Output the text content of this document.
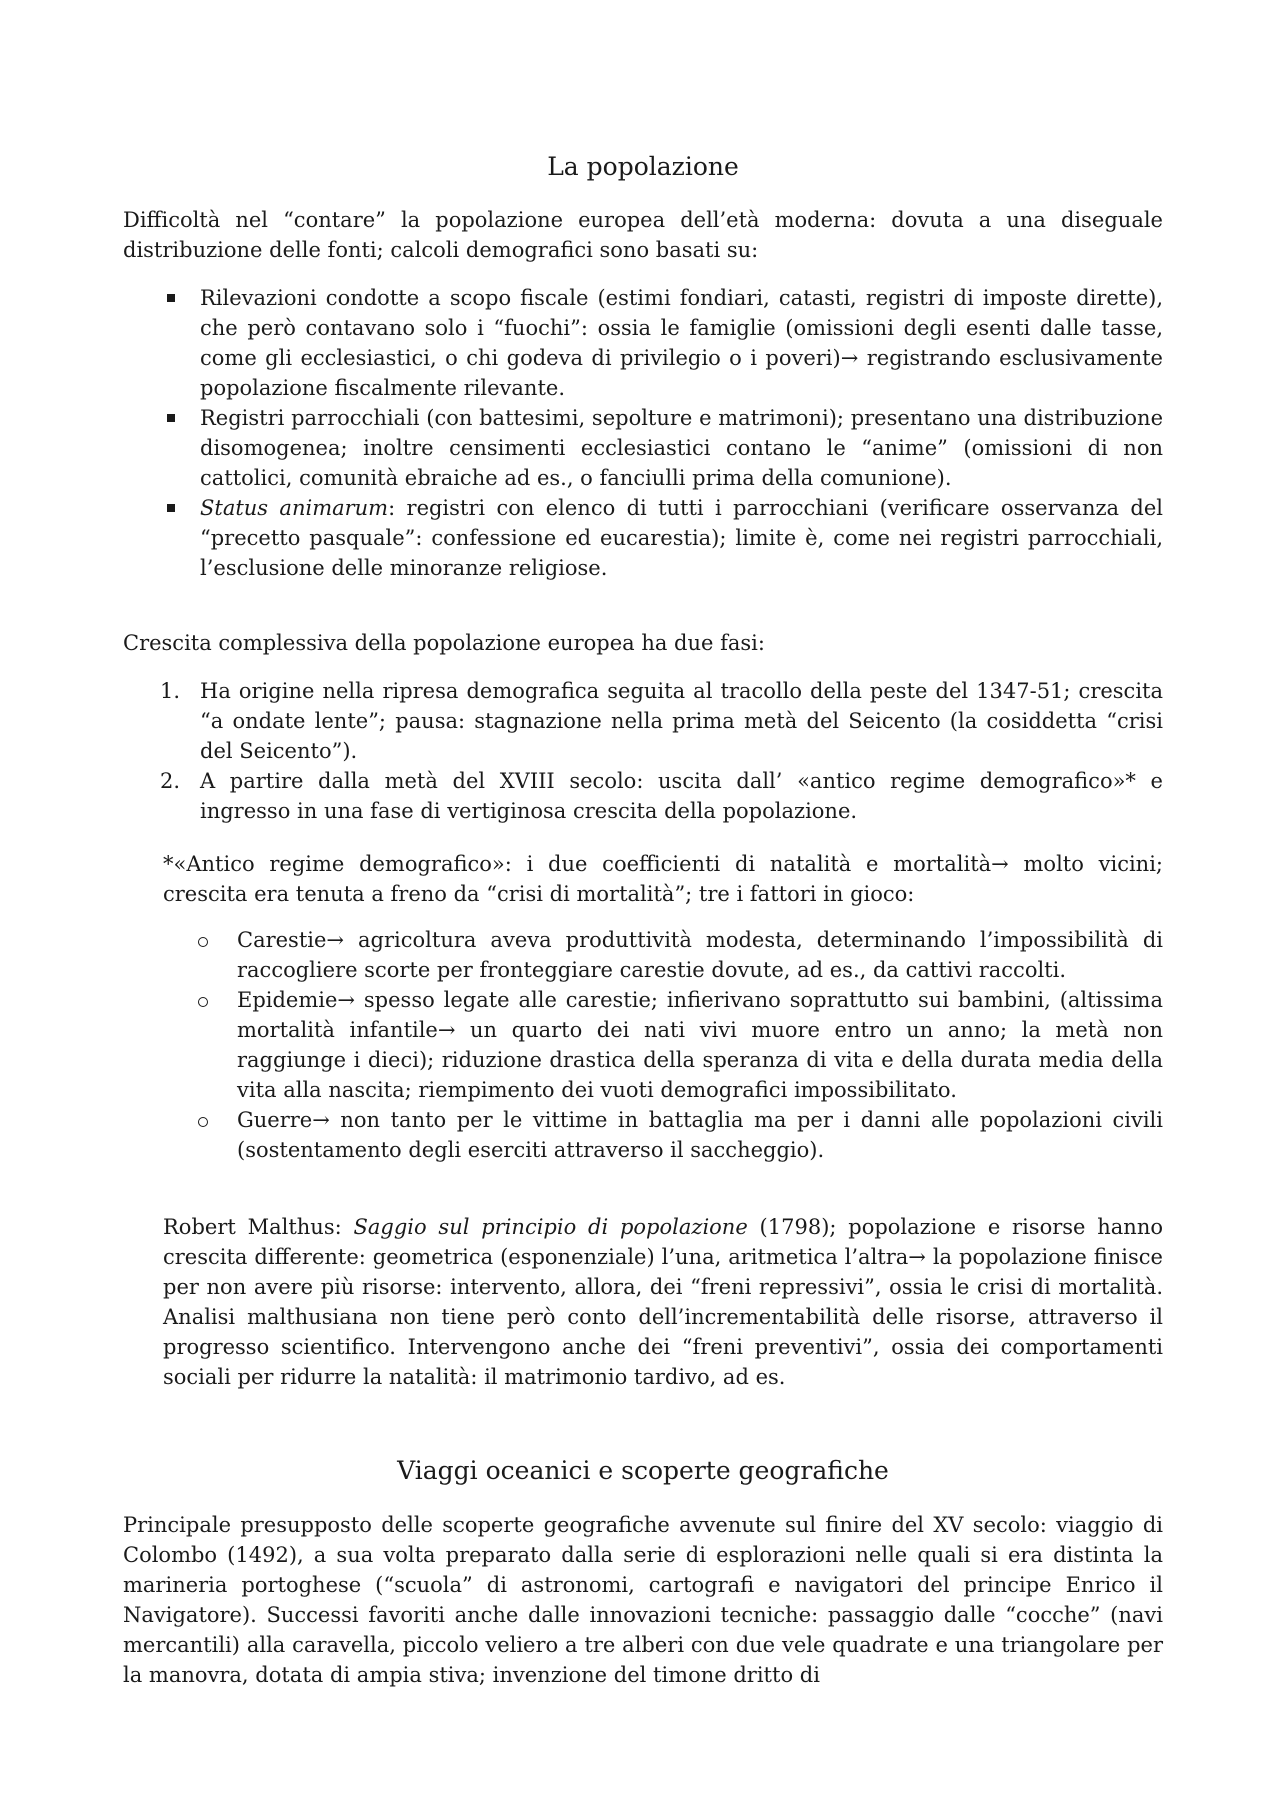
La popolazione

Difficoltà nel “contare” la popolazione europea dell’età moderna: dovuta a una diseguale distribuzione delle fonti; calcoli demografici sono basati su:

Rilevazioni condotte a scopo fiscale (estimi fondiari, catasti, registri di imposte dirette), che però contavano solo i “fuochi”: ossia le famiglie (omissioni degli esenti dalle tasse, come gli ecclesiastici, o chi godeva di privilegio o i poveri)→ registrando esclusivamente popolazione fiscalmente rilevante.
Registri parrocchiali (con battesimi, sepolture e matrimoni); presentano una distribuzione disomogenea; inoltre censimenti ecclesiastici contano le “anime” (omissioni di non cattolici, comunità ebraiche ad es., o fanciulli prima della comunione).
Status animarum: registri con elenco di tutti i parrocchiani (verificare osservanza del “precetto pasquale”: confessione ed eucarestia); limite è, come nei registri parrocchiali, l’esclusione delle minoranze religiose.

Crescita complessiva della popolazione europea ha due fasi:

1. Ha origine nella ripresa demografica seguita al tracollo della peste del 1347-51; crescita “a ondate lente”; pausa: stagnazione nella prima metà del Seicento (la cosiddetta “crisi del Seicento”).
2. A partire dalla metà del XVIII secolo: uscita dall’ «antico regime demografico»* e ingresso in una fase di vertiginosa crescita della popolazione.

*«Antico regime demografico»: i due coefficienti di natalità e mortalità→ molto vicini; crescita era tenuta a freno da “crisi di mortalità”; tre i fattori in gioco:

Carestie→ agricoltura aveva produttività modesta, determinando l’impossibilità di raccogliere scorte per fronteggiare carestie dovute, ad es., da cattivi raccolti.
Epidemie→ spesso legate alle carestie; infierivano soprattutto sui bambini, (altissima mortalità infantile→ un quarto dei nati vivi muore entro un anno; la metà non raggiunge i dieci); riduzione drastica della speranza di vita e della durata media della vita alla nascita; riempimento dei vuoti demografici impossibilitato.
Guerre→ non tanto per le vittime in battaglia ma per i danni alle popolazioni civili (sostentamento degli eserciti attraverso il saccheggio).

Robert Malthus: Saggio sul principio di popolazione (1798); popolazione e risorse hanno crescita differente: geometrica (esponenziale) l’una, aritmetica l’altra→ la popolazione finisce per non avere più risorse: intervento, allora, dei “freni repressivi”, ossia le crisi di mortalità. Analisi malthusiana non tiene però conto dell’incrementabilità delle risorse, attraverso il progresso scientifico. Intervengono anche dei “freni preventivi”, ossia dei comportamenti sociali per ridurre la natalità: il matrimonio tardivo, ad es.

Viaggi oceanici e scoperte geografiche

Principale presupposto delle scoperte geografiche avvenute sul finire del XV secolo: viaggio di Colombo (1492), a sua volta preparato dalla serie di esplorazioni nelle quali si era distinta la marineria portoghese (“scuola” di astronomi, cartografi e navigatori del principe Enrico il Navigatore). Successi favoriti anche dalle innovazioni tecniche: passaggio dalle “cocche” (navi mercantili) alla caravella, piccolo veliero a tre alberi con due vele quadrate e una triangolare per la manovra, dotata di ampia stiva; invenzione del timone dritto di
